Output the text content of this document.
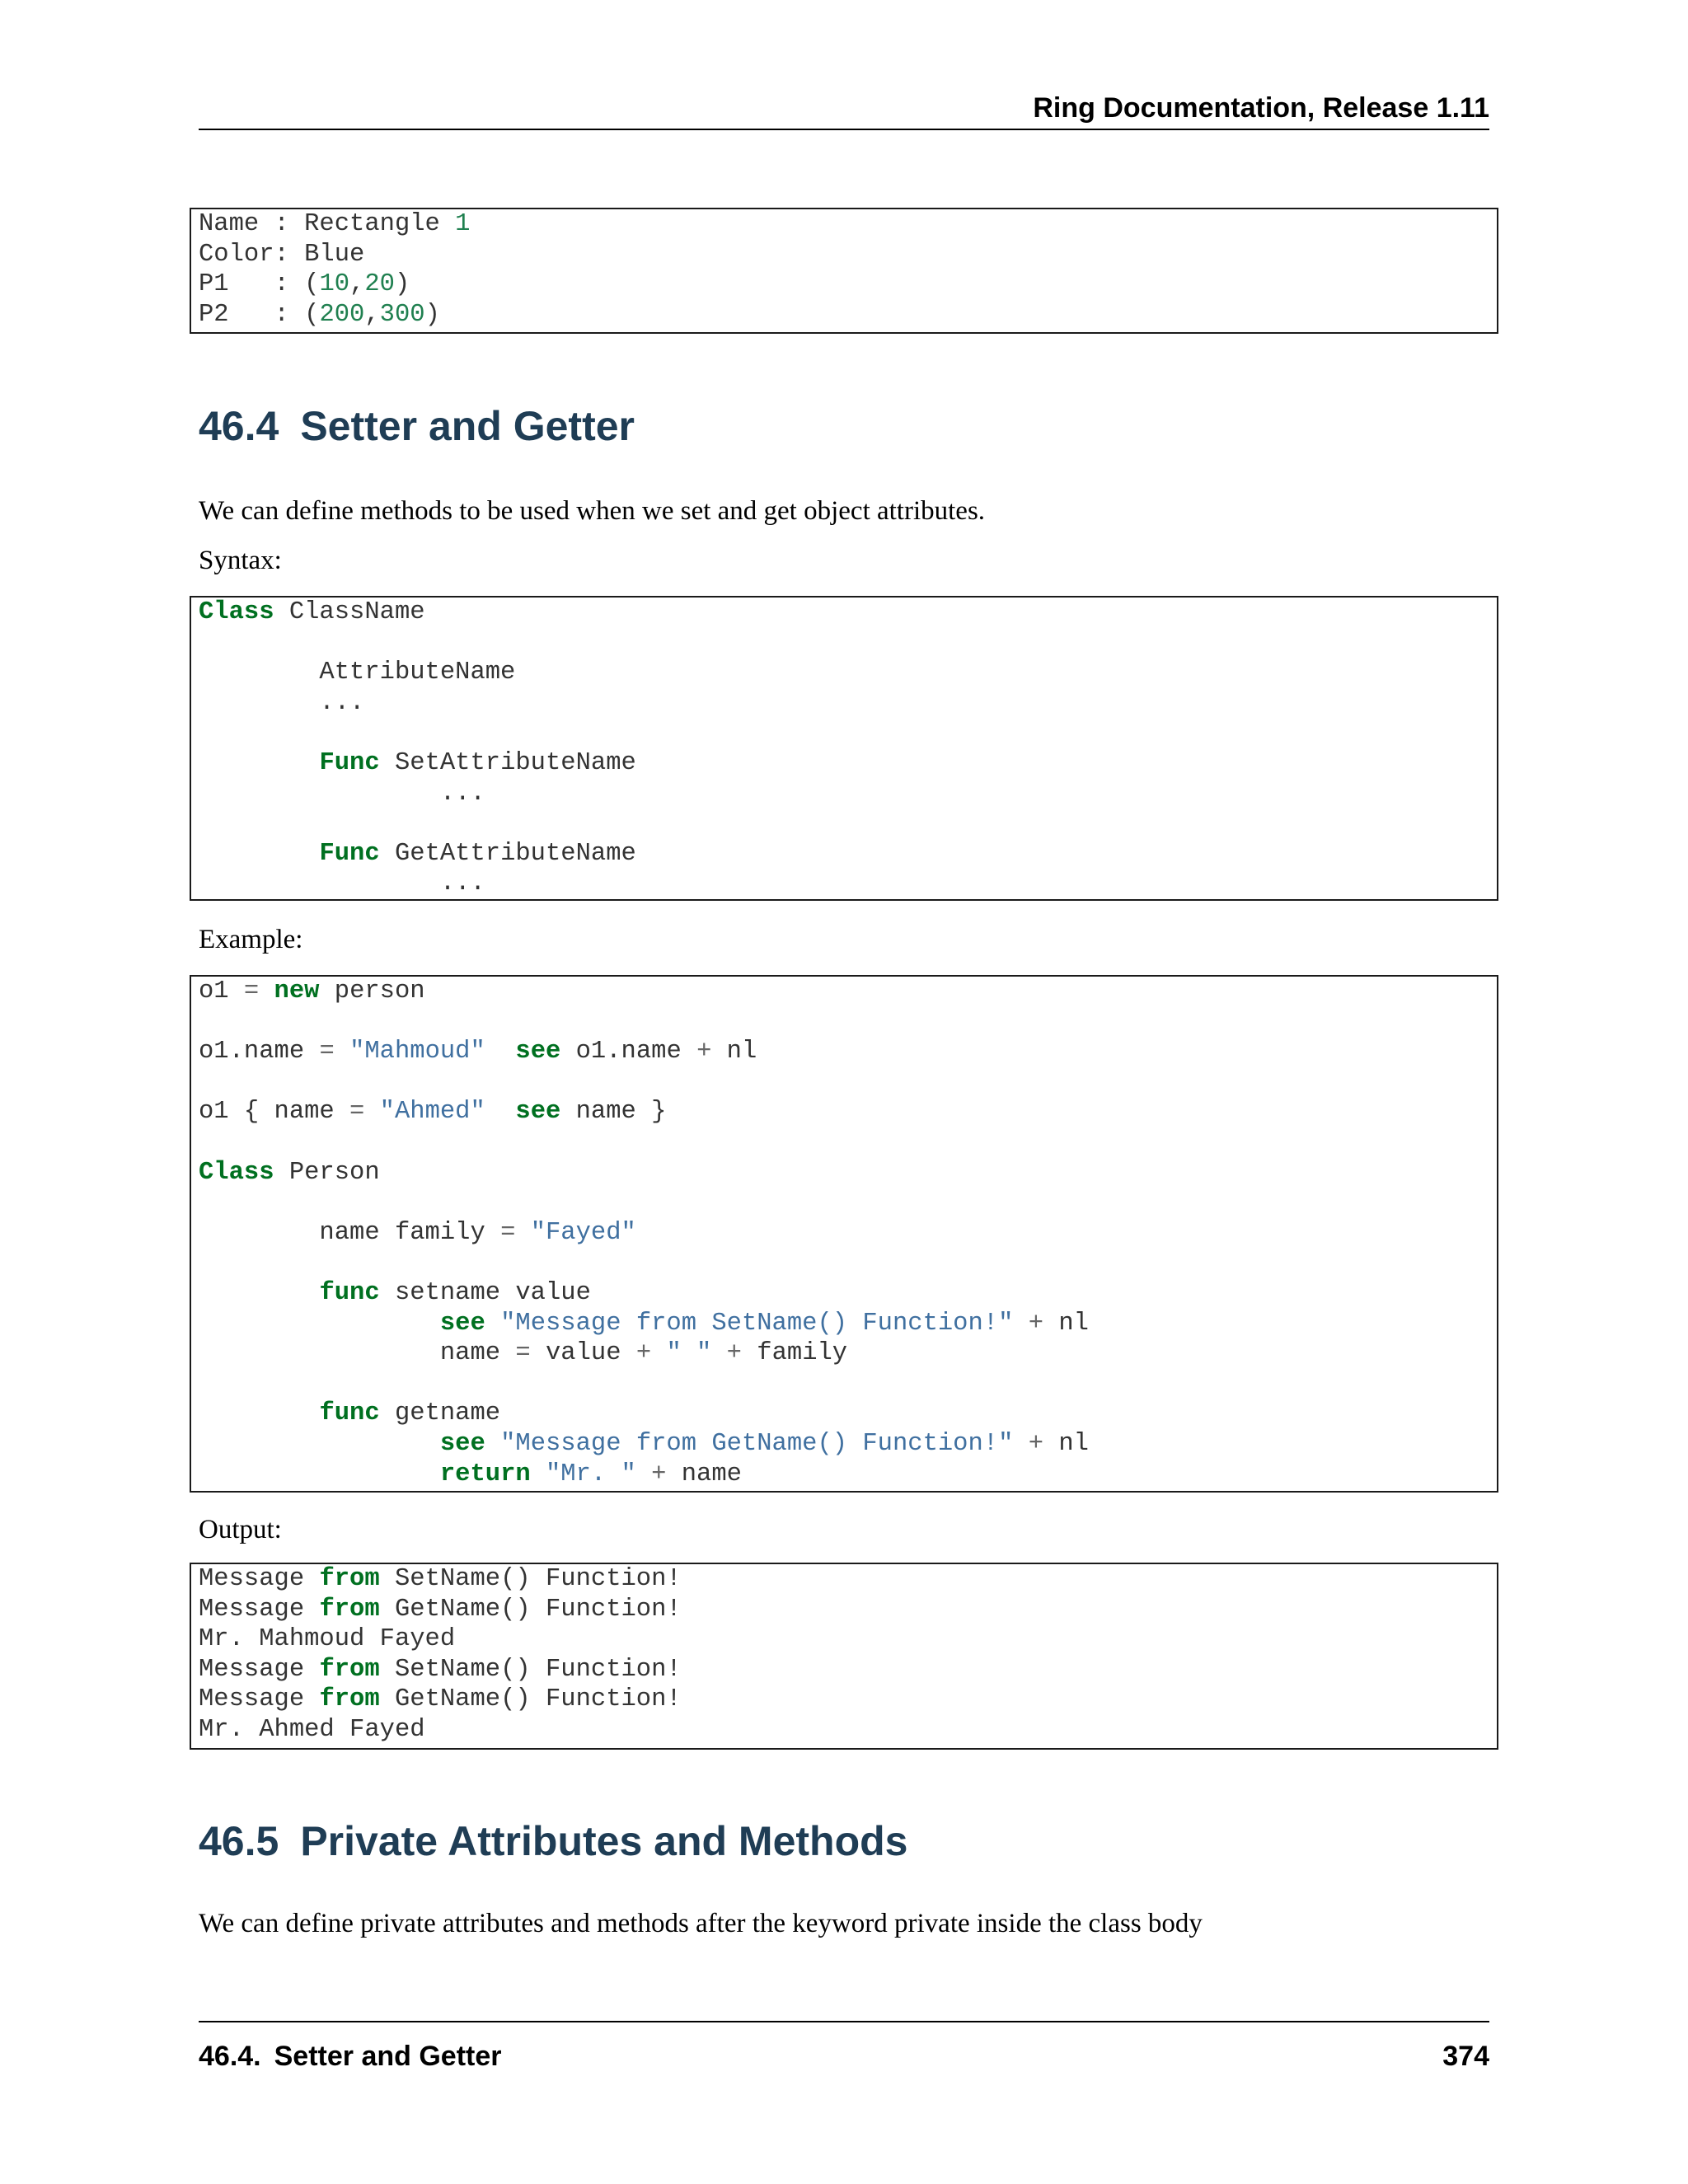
Ring Documentation, Release 1.11
Name : Rectangle 1
Color: Blue
P1   : (10,20)
P2   : (200,300)
46.4 Setter and Getter
We can define methods to be used when we set and get object attributes.
Syntax:
Class ClassName

AttributeName
...

Func SetAttributeName
...

Func GetAttributeName
...
Example:
o1 = new person

o1.name = "Mahmoud" see o1.name + nl

o1 { name = "Ahmed" see name }

Class Person

name family = "Fayed"

func setname value
see "Message from SetName() Function!" + nl
name = value + " " + family

func getname
see "Message from GetName() Function!" + nl
return "Mr. " + name
Output:
Message from SetName() Function!
Message from GetName() Function!
Mr. Mahmoud Fayed
Message from SetName() Function!
Message from GetName() Function!
Mr. Ahmed Fayed
46.5 Private Attributes and Methods
We can define private attributes and methods after the keyword private inside the class body
46.4. Setter and Getter	374
